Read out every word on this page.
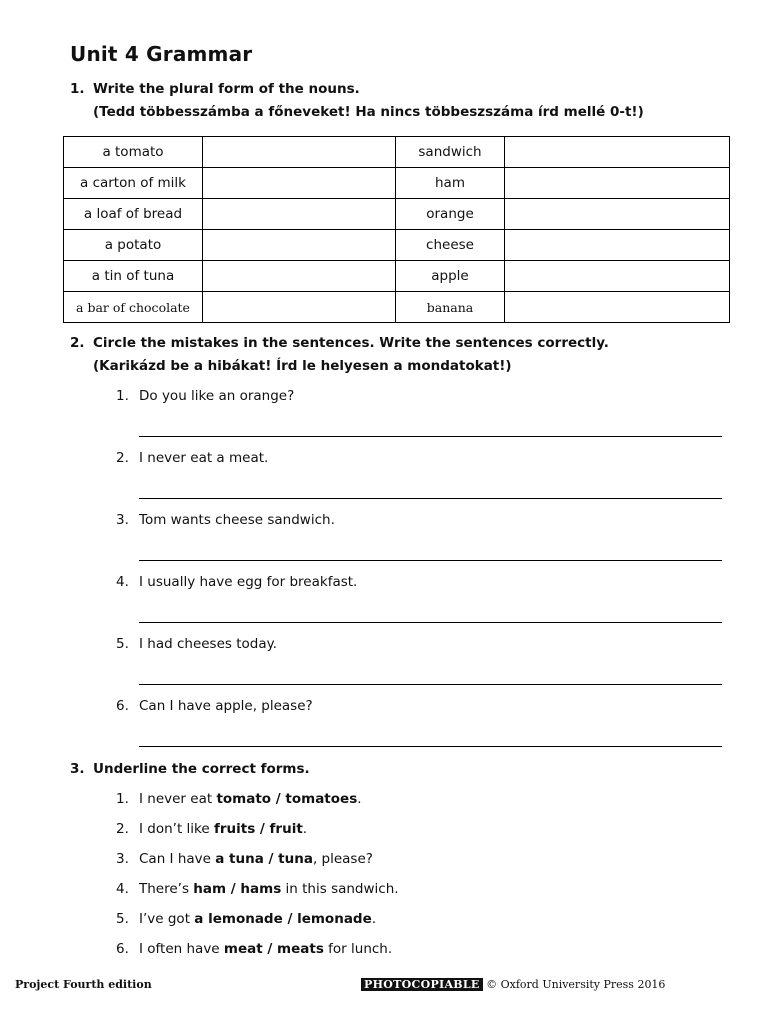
Unit 4 Grammar
1. Write the plural form of the nouns.
(Tedd többesszámba a főneveket! Ha nincs többeszszáma írd mellé 0-t!)
a tomato		sandwich	
a carton of milk		ham	
a loaf of bread		orange	
a potato		cheese	
a tin of tuna		apple	
a bar of chocolate		banana	
2. Circle the mistakes in the sentences. Write the sentences correctly.
(Karikázd be a hibákat! Írd le helyesen a mondatokat!)
1. Do you like an orange?
2. I never eat a meat.
3. Tom wants cheese sandwich.
4. I usually have egg for breakfast.
5. I had cheeses today.
6. Can I have apple, please?
3. Underline the correct forms.
1. I never eat tomato / tomatoes.
2. I don’t like fruits / fruit.
3. Can I have a tuna / tuna, please?
4. There’s ham / hams in this sandwich.
5. I’ve got a lemonade / lemonade.
6. I often have meat / meats for lunch.
Project Fourth edition	PHOTOCOPIABLE © Oxford University Press 2016
